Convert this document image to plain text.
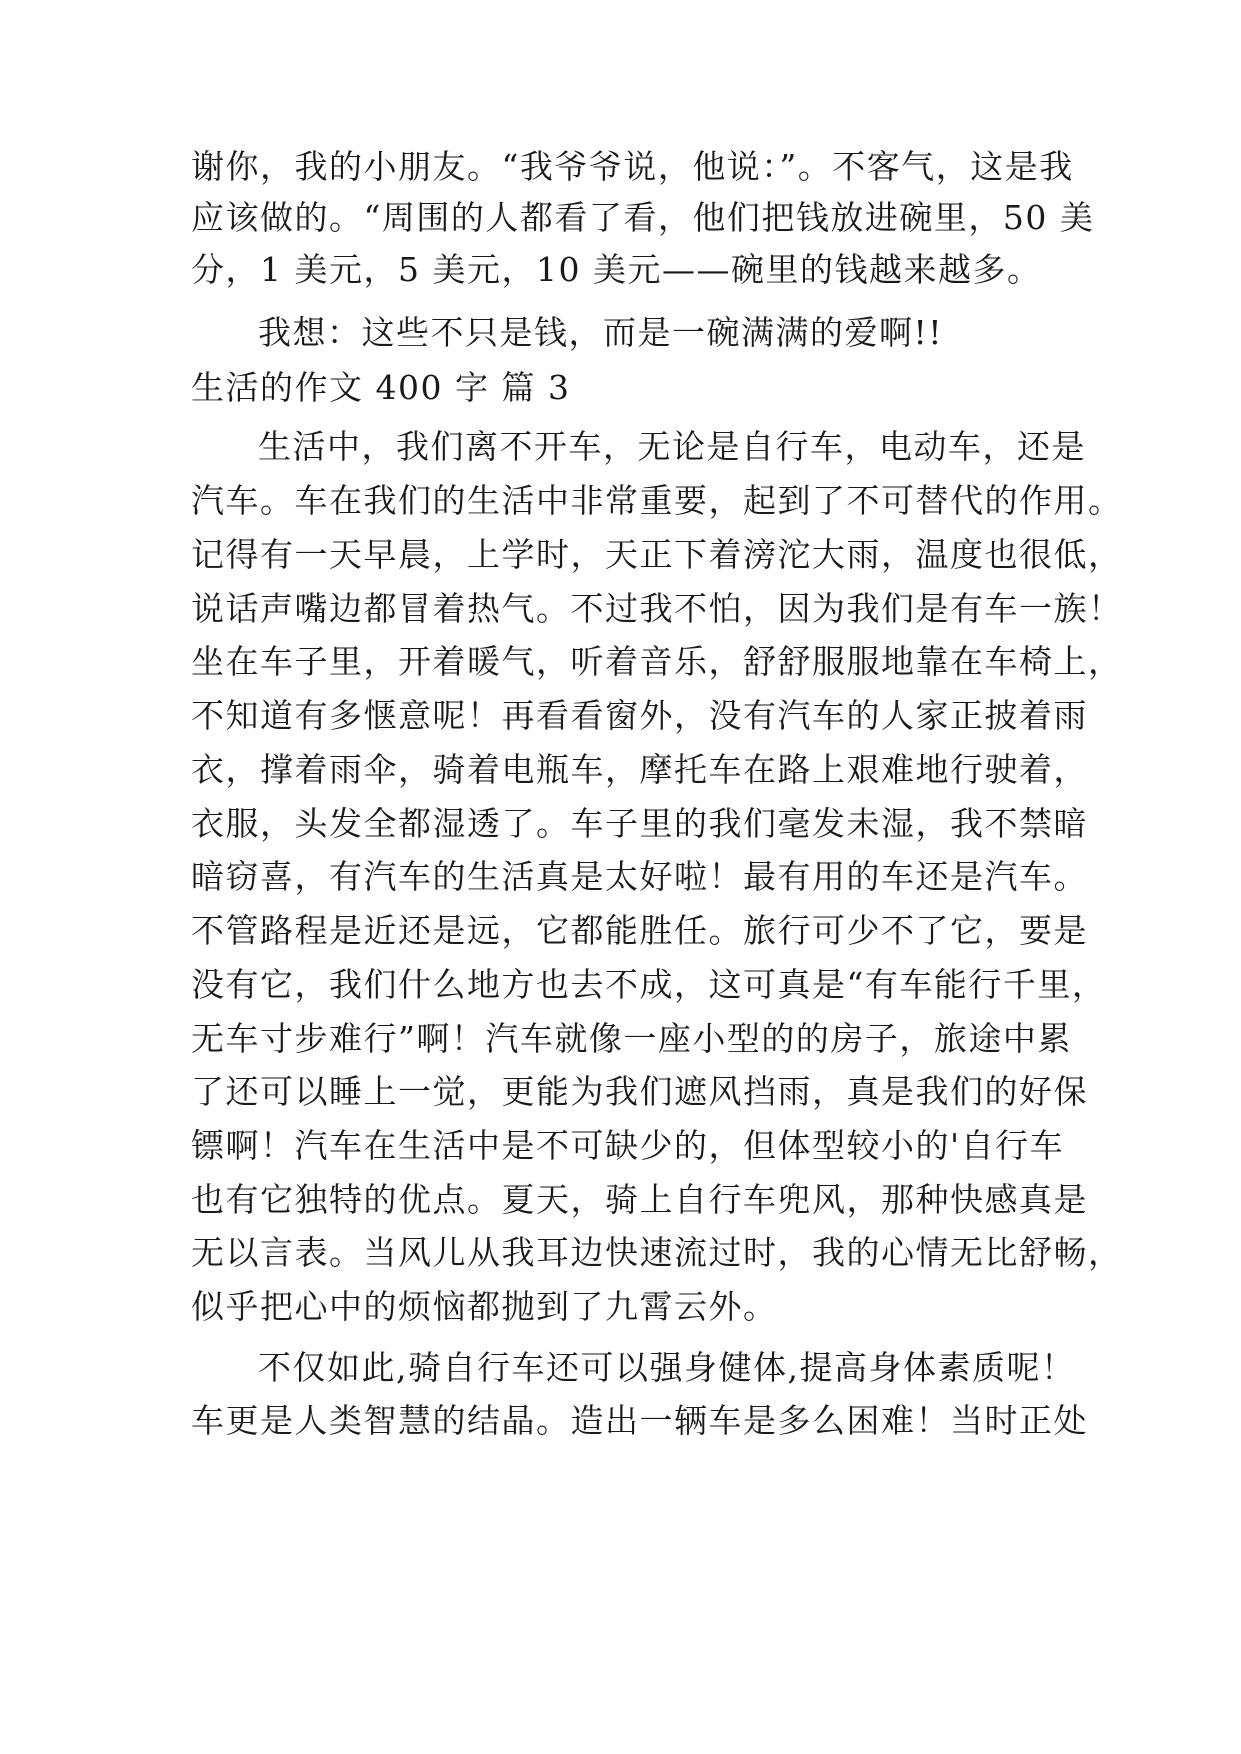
谢你，我的小朋友。“我爷爷说，他说：”。不客气，这是我
应该做的。“周围的人都看了看，他们把钱放进碗里，50 美
分，1 美元，5 美元，10 美元——碗里的钱越来越多。
我想：这些不只是钱，而是一碗满满的爱啊!!
生活的作文 400 字 篇 3
生活中，我们离不开车，无论是自行车，电动车，还是
汽车。车在我们的生活中非常重要，起到了不可替代的作用。
记得有一天早晨，上学时，天正下着滂沱大雨，温度也很低，
说话声嘴边都冒着热气。不过我不怕，因为我们是有车一族！
坐在车子里，开着暖气，听着音乐，舒舒服服地靠在车椅上，
不知道有多惬意呢！再看看窗外，没有汽车的人家正披着雨
衣，撑着雨伞，骑着电瓶车，摩托车在路上艰难地行驶着，
衣服，头发全都湿透了。车子里的我们毫发未湿，我不禁暗
暗窃喜，有汽车的生活真是太好啦！最有用的车还是汽车。
不管路程是近还是远，它都能胜任。旅行可少不了它，要是
没有它，我们什么地方也去不成，这可真是“有车能行千里，
无车寸步难行”啊！汽车就像一座小型的的房子，旅途中累
了还可以睡上一觉，更能为我们遮风挡雨，真是我们的好保
镖啊！汽车在生活中是不可缺少的，但体型较小的'自行车
也有它独特的优点。夏天，骑上自行车兜风，那种快感真是
无以言表。当风儿从我耳边快速流过时，我的心情无比舒畅，
似乎把心中的烦恼都抛到了九霄云外。
不仅如此,骑自行车还可以强身健体,提高身体素质呢！
车更是人类智慧的结晶。造出一辆车是多么困难！当时正处
